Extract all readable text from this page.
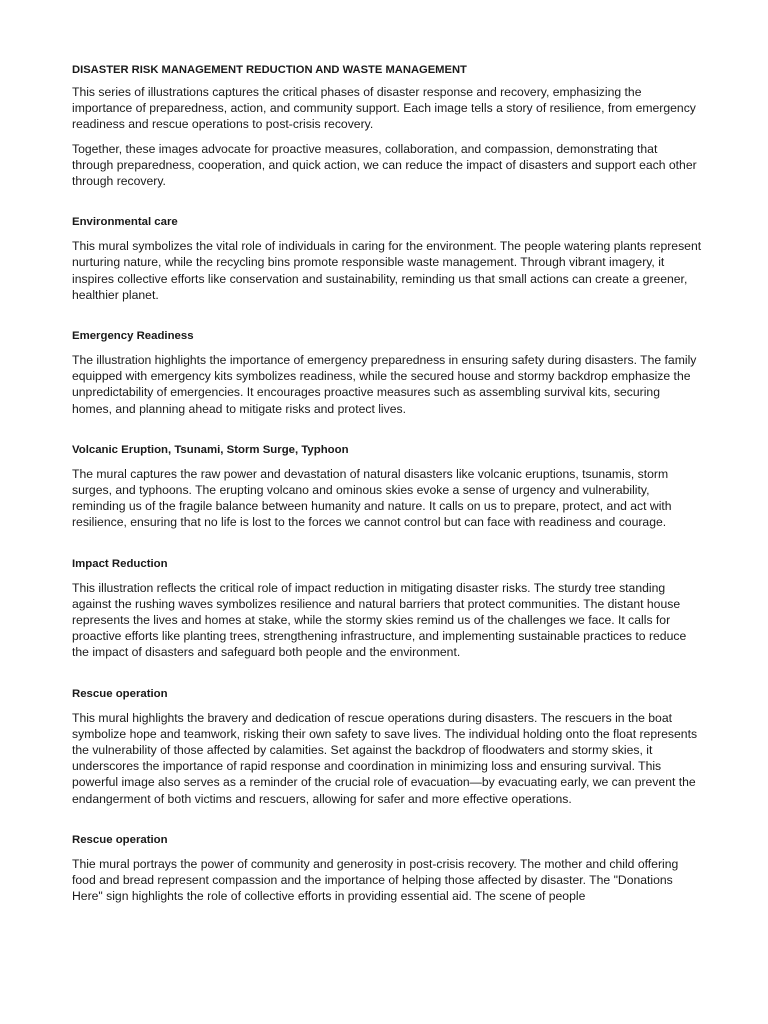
DISASTER RISK MANAGEMENT REDUCTION AND WASTE MANAGEMENT

This series of illustrations captures the critical phases of disaster response and recovery, emphasizing the importance of preparedness, action, and community support. Each image tells a story of resilience, from emergency readiness and rescue operations to post-crisis recovery.

Together, these images advocate for proactive measures, collaboration, and compassion, demonstrating that through preparedness, cooperation, and quick action, we can reduce the impact of disasters and support each other through recovery.

Environmental care

This mural symbolizes the vital role of individuals in caring for the environment. The people watering plants represent nurturing nature, while the recycling bins promote responsible waste management. Through vibrant imagery, it inspires collective efforts like conservation and sustainability, reminding us that small actions can create a greener, healthier planet.

Emergency Readiness

The illustration highlights the importance of emergency preparedness in ensuring safety during disasters. The family equipped with emergency kits symbolizes readiness, while the secured house and stormy backdrop emphasize the unpredictability of emergencies. It encourages proactive measures such as assembling survival kits, securing homes, and planning ahead to mitigate risks and protect lives.

Volcanic Eruption, Tsunami, Storm Surge, Typhoon

The mural captures the raw power and devastation of natural disasters like volcanic eruptions, tsunamis, storm surges, and typhoons. The erupting volcano and ominous skies evoke a sense of urgency and vulnerability, reminding us of the fragile balance between humanity and nature. It calls on us to prepare, protect, and act with resilience, ensuring that no life is lost to the forces we cannot control but can face with readiness and courage.

Impact Reduction

This illustration reflects the critical role of impact reduction in mitigating disaster risks. The sturdy tree standing against the rushing waves symbolizes resilience and natural barriers that protect communities. The distant house represents the lives and homes at stake, while the stormy skies remind us of the challenges we face. It calls for proactive efforts like planting trees, strengthening infrastructure, and implementing sustainable practices to reduce the impact of disasters and safeguard both people and the environment.

Rescue operation

This mural highlights the bravery and dedication of rescue operations during disasters. The rescuers in the boat symbolize hope and teamwork, risking their own safety to save lives. The individual holding onto the float represents the vulnerability of those affected by calamities. Set against the backdrop of floodwaters and stormy skies, it underscores the importance of rapid response and coordination in minimizing loss and ensuring survival. This powerful image also serves as a reminder of the crucial role of evacuation—by evacuating early, we can prevent the endangerment of both victims and rescuers, allowing for safer and more effective operations.

Rescue operation

Thie mural portrays the power of community and generosity in post-crisis recovery. The mother and child offering food and bread represent compassion and the importance of helping those affected by disaster. The "Donations Here" sign highlights the role of collective efforts in providing essential aid. The scene of people
